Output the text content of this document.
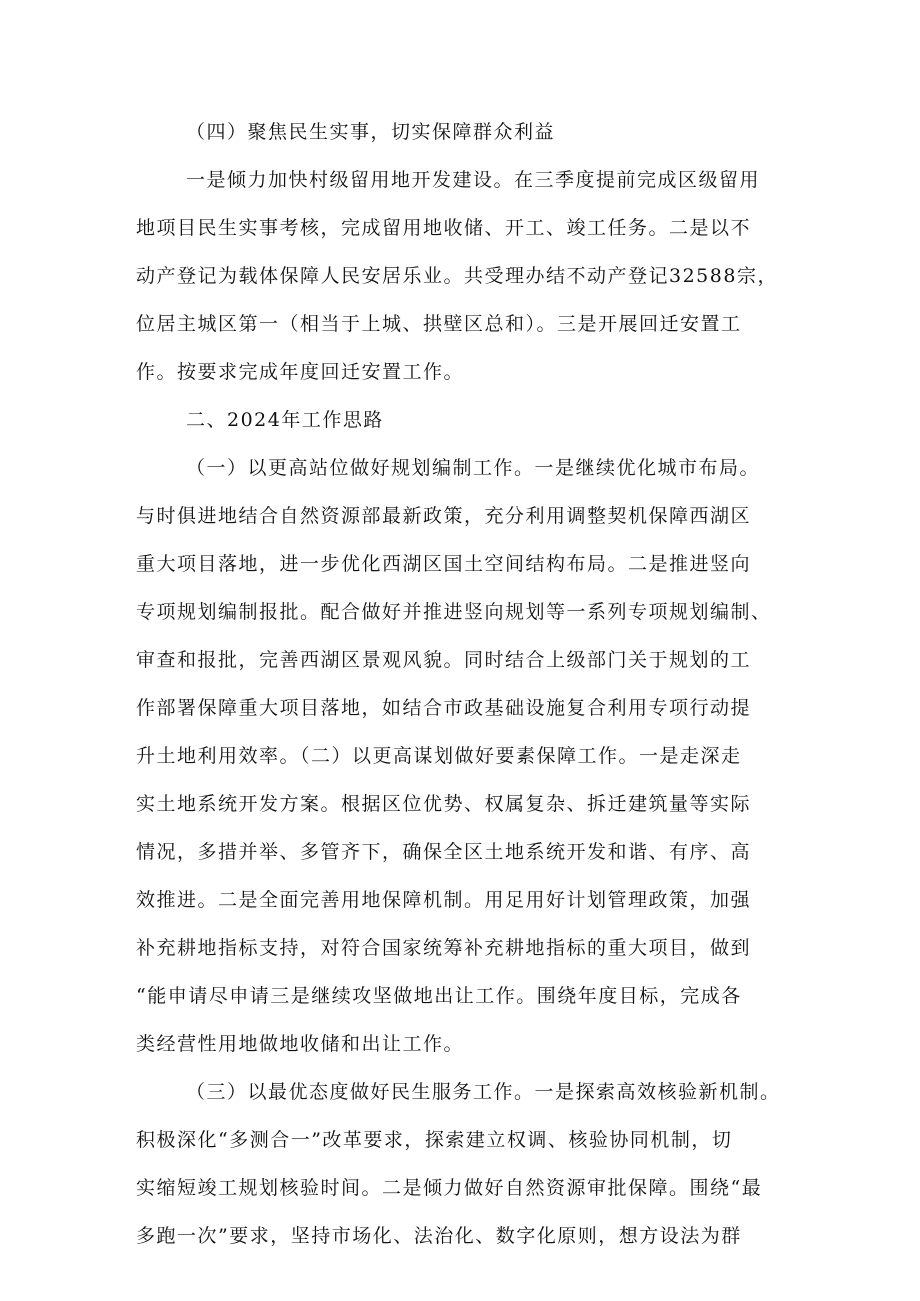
（四）聚焦民生实事，切实保障群众利益
一是倾力加快村级留用地开发建设。在三季度提前完成区级留用
地项目民生实事考核，完成留用地收储、开工、竣工任务。二是以不
动产登记为载体保障人民安居乐业。共受理办结不动产登记32588宗，
位居主城区第一（相当于上城、拱壁区总和）。三是开展回迁安置工
作。按要求完成年度回迁安置工作。
二、2024年工作思路
（一）以更高站位做好规划编制工作。一是继续优化城市布局。
与时俱进地结合自然资源部最新政策，充分利用调整契机保障西湖区
重大项目落地，进一步优化西湖区国土空间结构布局。二是推进竖向
专项规划编制报批。配合做好并推进竖向规划等一系列专项规划编制、
审查和报批，完善西湖区景观风貌。同时结合上级部门关于规划的工
作部署保障重大项目落地，如结合市政基础设施复合利用专项行动提
升土地利用效率。（二）以更高谋划做好要素保障工作。一是走深走
实土地系统开发方案。根据区位优势、权属复杂、拆迁建筑量等实际
情况，多措并举、多管齐下，确保全区土地系统开发和谐、有序、高
效推进。二是全面完善用地保障机制。用足用好计划管理政策，加强
补充耕地指标支持，对符合国家统筹补充耕地指标的重大项目，做到
“能申请尽申请三是继续攻坚做地出让工作。围绕年度目标，完成各
类经营性用地做地收储和出让工作。
（三）以最优态度做好民生服务工作。一是探索高效核验新机制。
积极深化“多测合一”改革要求，探索建立权调、核验协同机制，切
实缩短竣工规划核验时间。二是倾力做好自然资源审批保障。围绕“最
多跑一次”要求，坚持市场化、法治化、数字化原则，想方设法为群
